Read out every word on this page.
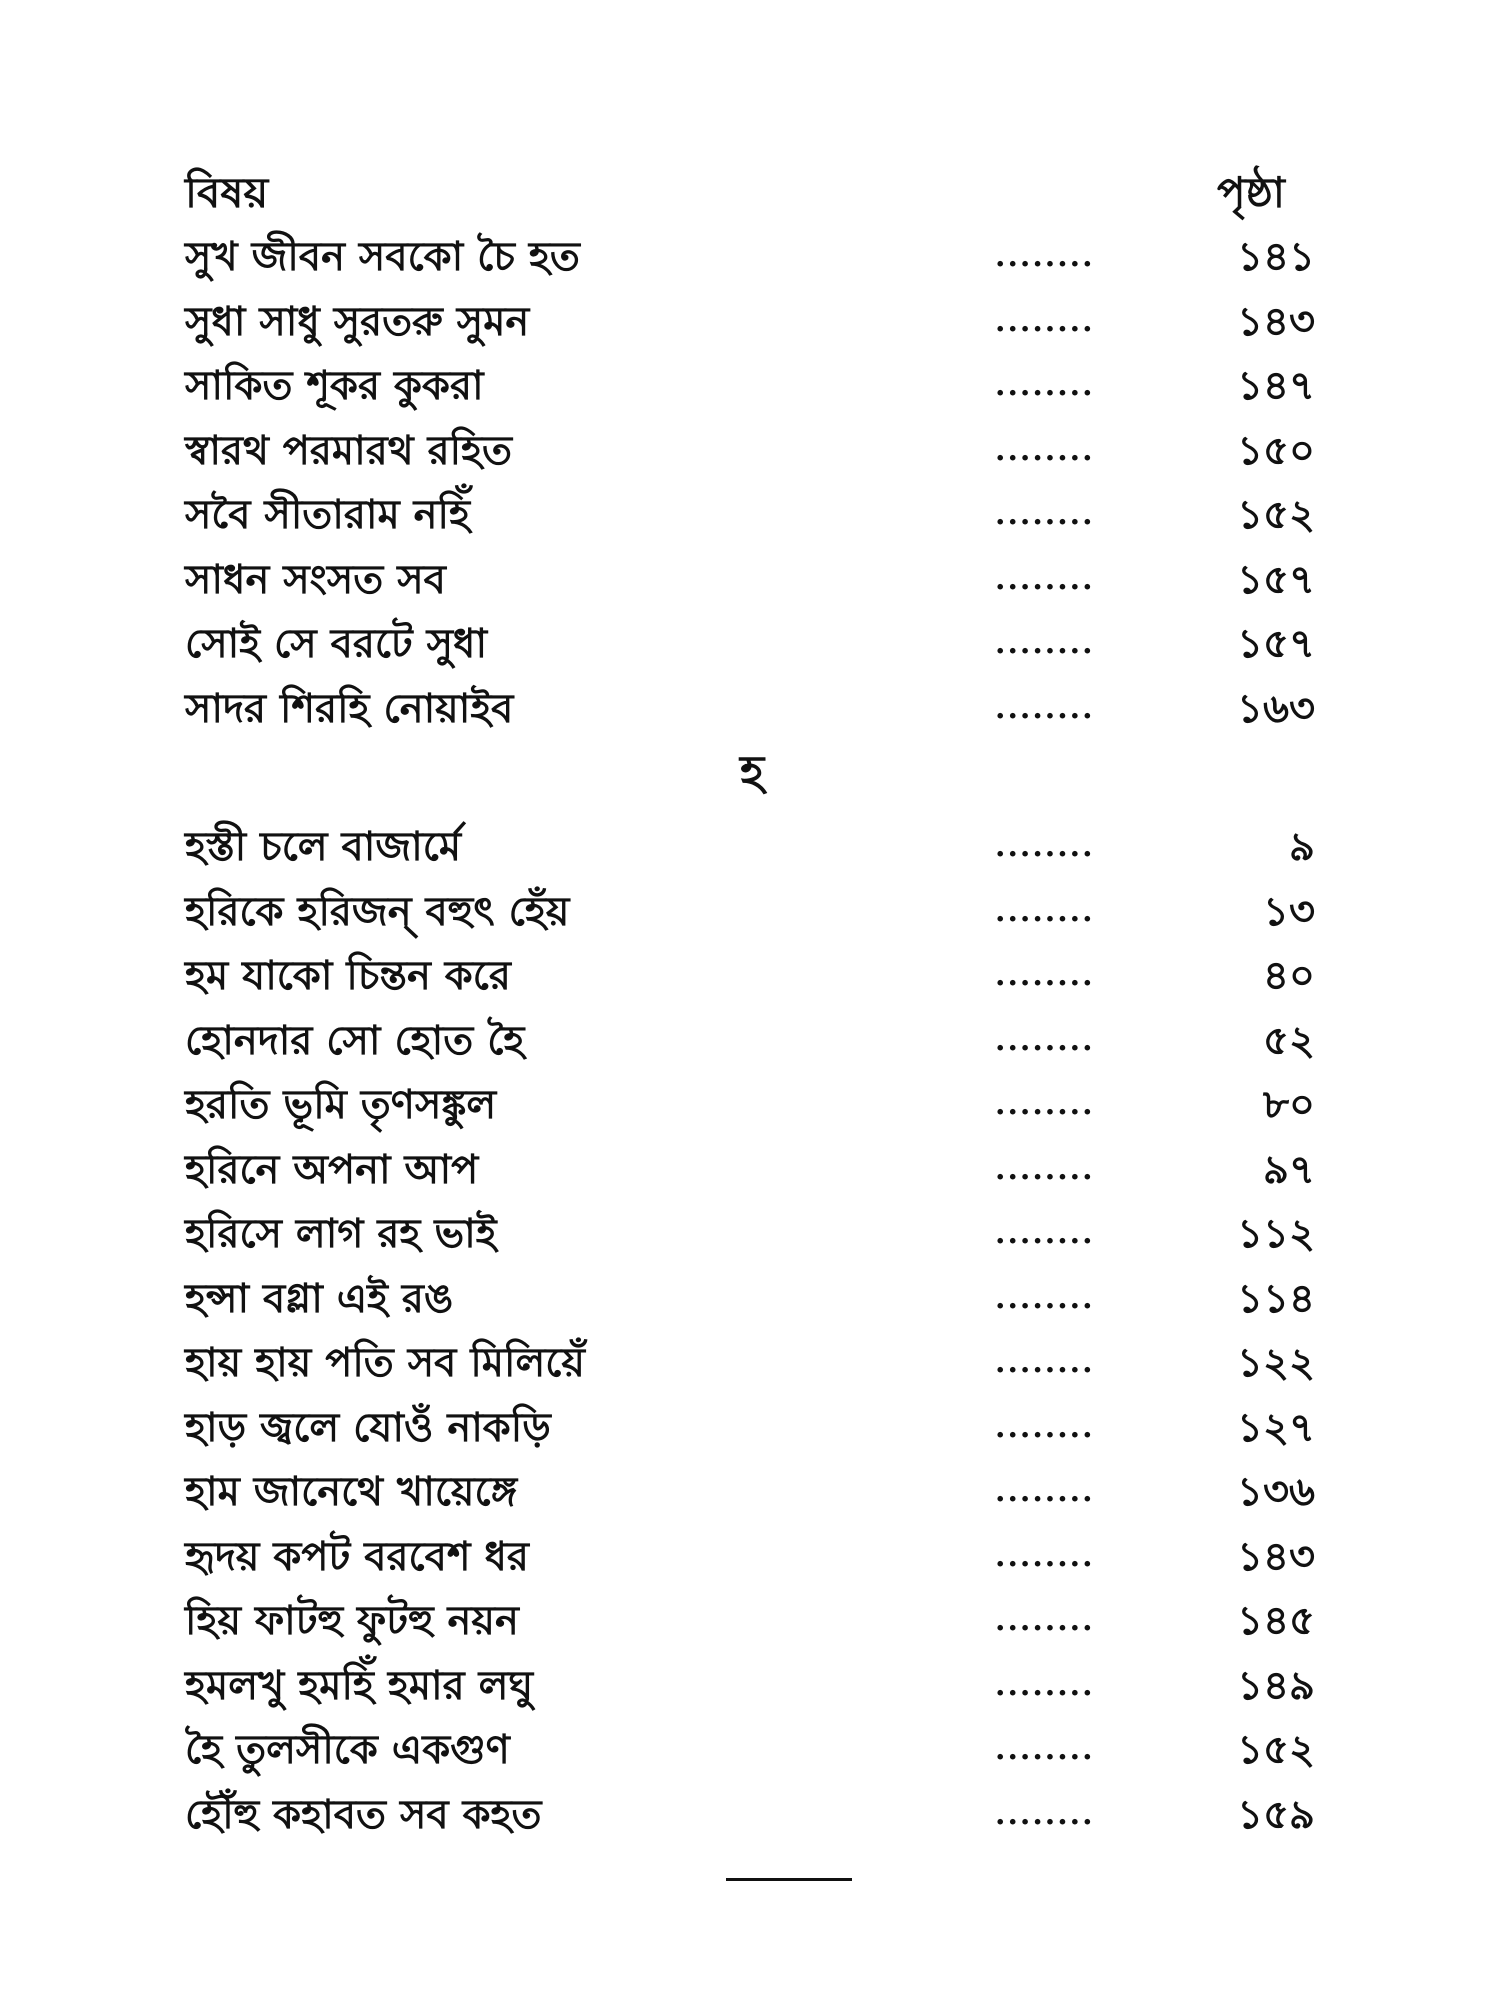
বিষয়	পৃষ্ঠা
সুখ জীবন সবকো চৈ হত	........	১৪১
সুধা সাধু সুরতরু সুমন	........	১৪৩
সাকিত শূকর কুকরা	........	১৪৭
স্বারথ পরমারথ রহিত	........	১৫০
সবৈ সীতারাম নহিঁ	........	১৫২
সাধন সংসত সব	........	১৫৭
সোই সে বরটে সুধা	........	১৫৭
সাদর শিরহি নোয়াইব	........	১৬৩
হ
হস্তী চলে বাজার্মে	........	৯
হরিকে হরিজন্ বহুৎ হেঁয়	........	১৩
হম যাকো চিন্তন করে	........	৪০
হোনদার সো হোত হৈ	........	৫২
হরতি ভূমি তৃণসঙ্কুল	........	৮০
হরিনে অপনা আপ	........	৯৭
হরিসে লাগ রহ ভাই	........	১১২
হন্সা বগ্লা এই রঙ	........	১১৪
হায় হায় পতি সব মিলিয়েঁ	........	১২২
হাড় জ্বলে যোওঁ নাকড়ি	........	১২৭
হাম জানেথে খায়েঙ্গে	........	১৩৬
হৃদয় কপট বরবেশ ধর	........	১৪৩
হিয় ফাটহু ফুটহু নয়ন	........	১৪৫
হমলখু হমহিঁ হমার লঘু	........	১৪৯
হৈ তুলসীকে একগুণ	........	১৫২
হৌঁহু কহাবত সব কহত	........	১৫৯
